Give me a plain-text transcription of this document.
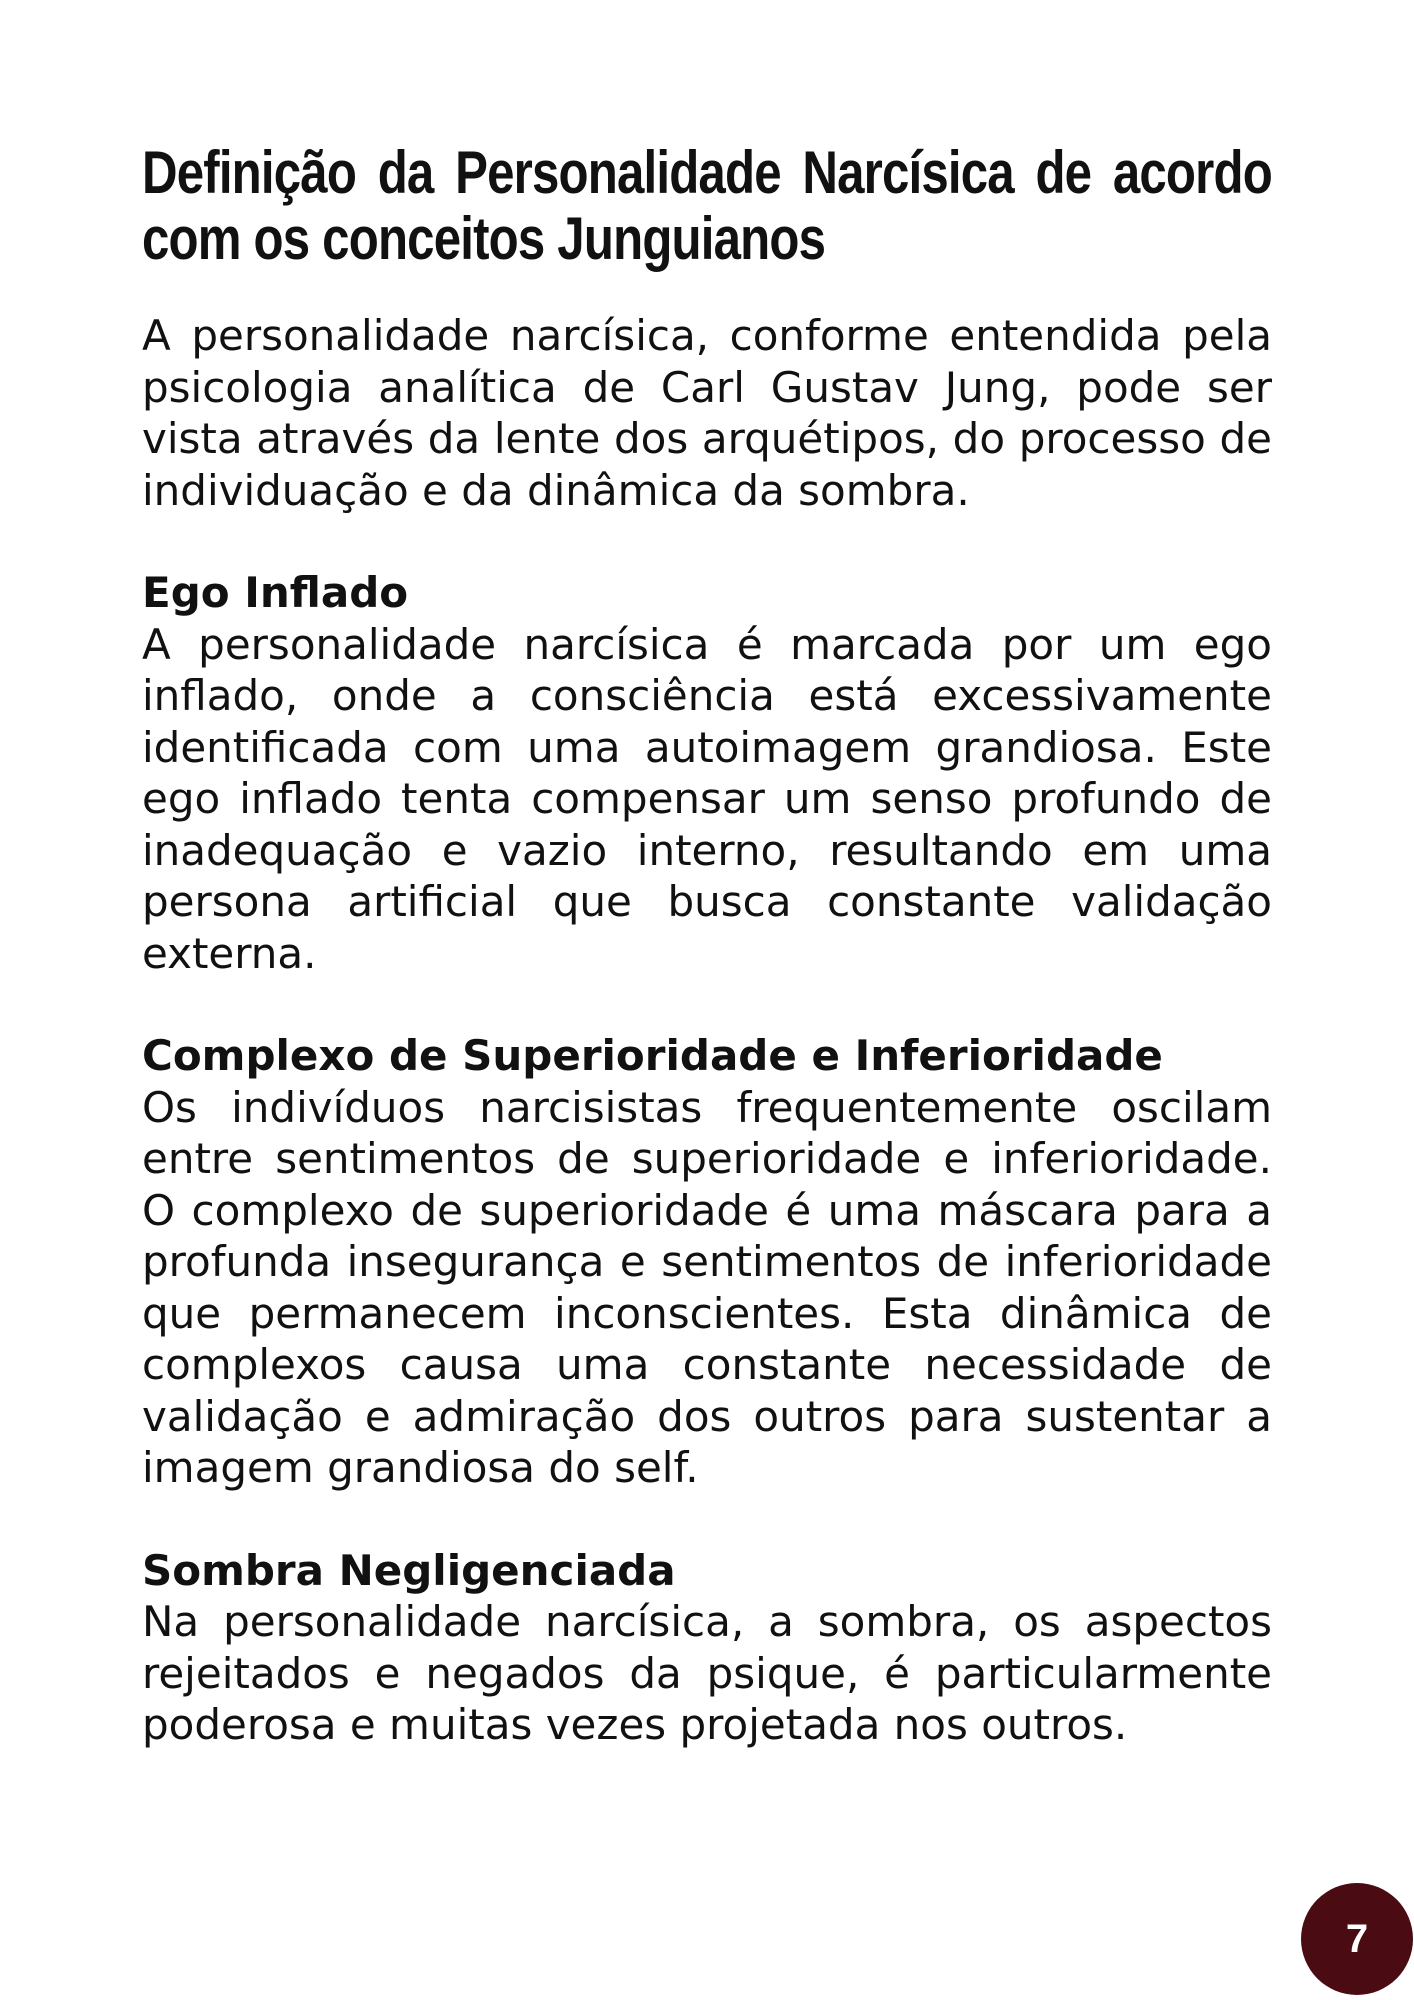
Definição da Personalidade Narcísica de acordo com os conceitos Junguianos

A personalidade narcísica, conforme entendida pela psicologia analítica de Carl Gustav Jung, pode ser vista através da lente dos arquétipos, do processo de individuação e da dinâmica da sombra.

Ego Inflado

A personalidade narcísica é marcada por um ego inflado, onde a consciência está excessivamente identificada com uma autoimagem grandiosa. Este ego inflado tenta compensar um senso profundo de inadequação e vazio interno, resultando em uma persona artificial que busca constante validação externa.

Complexo de Superioridade e Inferioridade

Os indivíduos narcisistas frequentemente oscilam entre sentimentos de superioridade e inferioridade. O complexo de superioridade é uma máscara para a profunda insegurança e sentimentos de inferioridade que permanecem inconscientes. Esta dinâmica de complexos causa uma constante necessidade de validação e admiração dos outros para sustentar a imagem grandiosa do self.

Sombra Negligenciada

Na personalidade narcísica, a sombra, os aspectos rejeitados e negados da psique, é particularmente poderosa e muitas vezes projetada nos outros.

7
